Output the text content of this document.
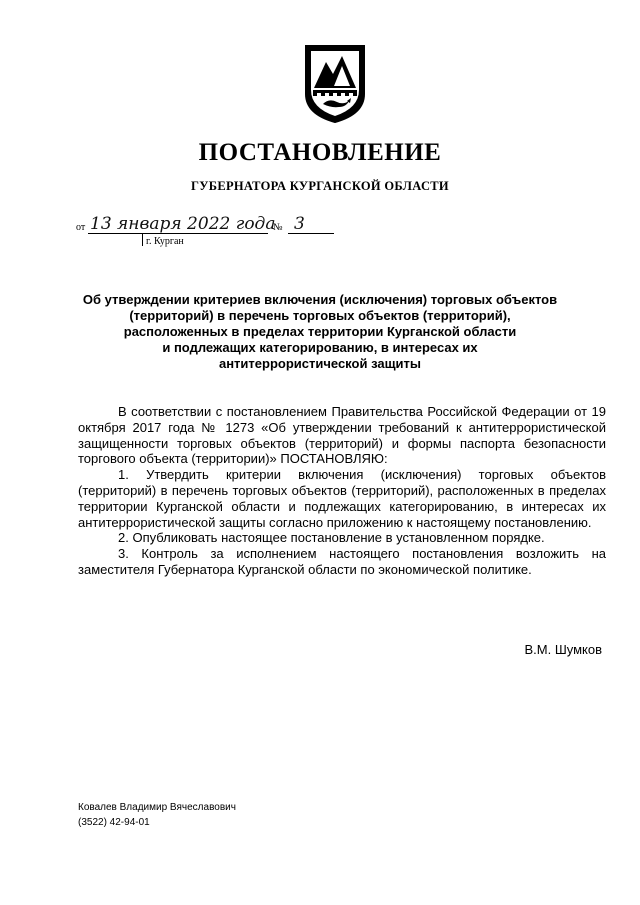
ПОСТАНОВЛЕНИЕ
ГУБЕРНАТОРА КУРГАНСКОЙ ОБЛАСТИ
от 13 января 2022 года
№ 3
г. Курган
Об утверждении критериев включения (исключения) торговых объектов
(территорий) в перечень торговых объектов (территорий),
расположенных в пределах территории Курганской области
и подлежащих категорированию, в интересах их
антитеррористической защиты

В соответствии с постановлением Правительства Российской Федерации от 19 октября 2017 года № 1273 «Об утверждении требований к антитеррористической защищенности торговых объектов (территорий) и формы паспорта безопасности торгового объекта (территории)» ПОСТАНОВЛЯЮ:

1. Утвердить критерии включения (исключения) торговых объектов (территорий) в перечень торговых объектов (территорий), расположенных в пределах территории Курганской области и подлежащих категорированию, в интересах их антитеррористической защиты согласно приложению к настоящему постановлению.

2. Опубликовать настоящее постановление в установленном порядке.

3. Контроль за исполнением настоящего постановления возложить на заместителя Губернатора Курганской области по экономической политике.

В.М. Шумков
Ковалев Владимир Вячеславович
(3522) 42-94-01
